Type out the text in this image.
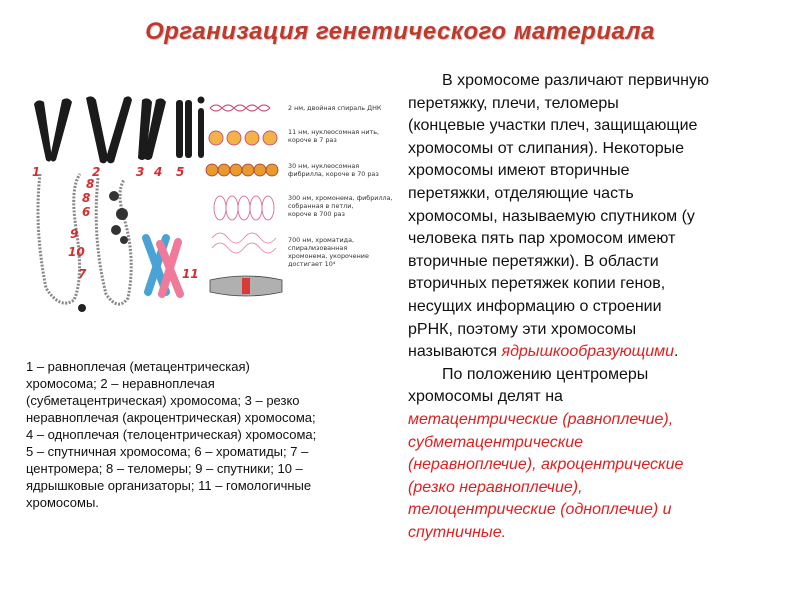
Организация генетического материала
1	2	3 4 5
8
6
8
9
10
7	11
2 нм, двойная спираль ДНК
11 нм, нуклеосомная нить, короче в 7 раз
30 нм, нуклеосомная фибрилла, короче в 70 раз
300 нм, хромонема, фибрилла, собранная в петли, короче в 700 раз
700 нм, хроматида, спирализованная хромонема, укорочение достигает 10⁴

В хромосоме различают первичную
перетяжку, плечи, теломеры
(концевые участки плеч, защищающие
хромосомы от слипания). Некоторые
хромосомы имеют вторичные
перетяжки, отделяющие часть
хромосомы, называемую спутником (у
человека пять пар хромосом имеют
вторичные перетяжки). В области
вторичных перетяжек копии генов,
несущих информацию о строении
рРНК, поэтому эти хромосомы
называются ядрышкообразующими.

По положению центромеры
хромосомы делят на
метацентрические (равноплечие),
субметацентрические
(неравноплечие), акроцентрические
(резко неравноплечие),
телоцентрические (одноплечие) и
спутничные.

1 – равноплечая (метацентрическая)
хромосома; 2 – неравноплечая
(субметацентрическая) хромосома; 3 – резко
неравноплечая (акроцентрическая) хромосома;
4 – одноплечая (телоцентрическая) хромосома;
5 – спутничная хромосома; 6 – хроматиды; 7 –
центромера; 8 – теломеры; 9 – спутники; 10 –
ядрышковые организаторы; 11 – гомологичные
хромосомы.
